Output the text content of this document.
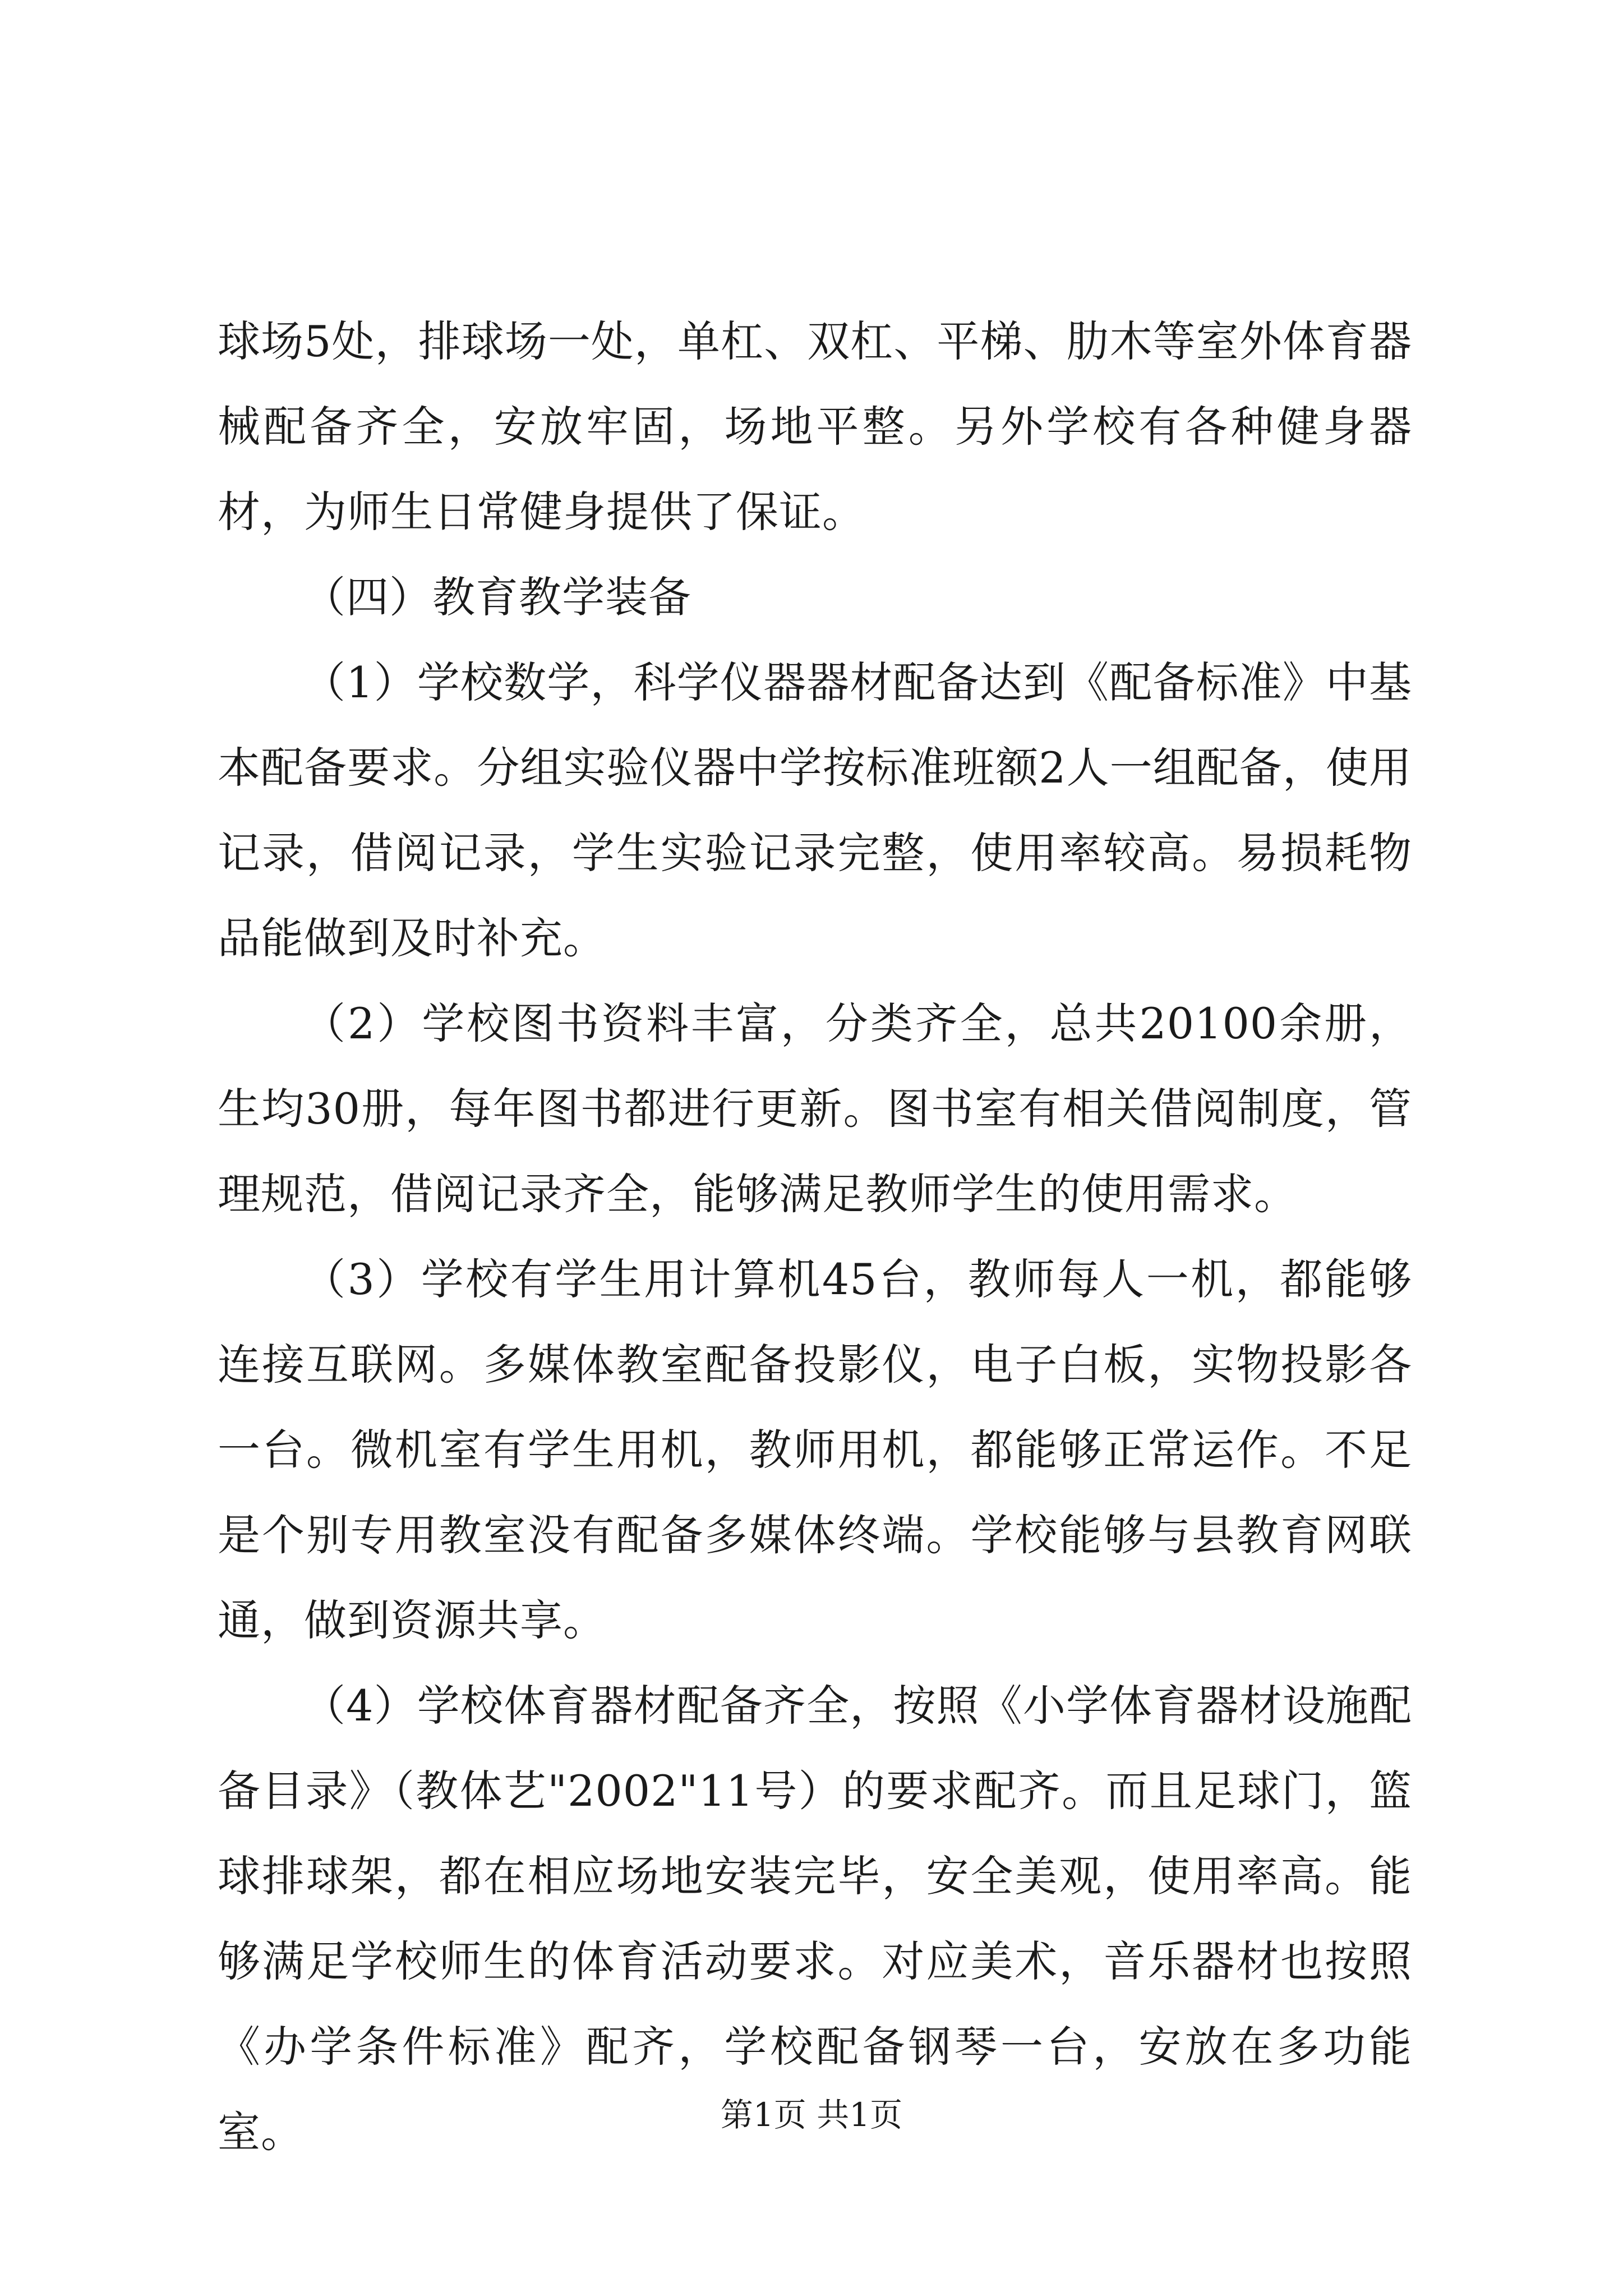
球场5处，排球场一处，单杠、双杠、平梯、肋木等室外体育器械配备齐全，安放牢固，场地平整。另外学校有各种健身器材，为师生日常健身提供了保证。

（四）教育教学装备

（1）学校数学，科学仪器器材配备达到《配备标准》中基本配备要求。分组实验仪器中学按标准班额2人一组配备，使用记录，借阅记录，学生实验记录完整，使用率较高。易损耗物品能做到及时补充。

（2）学校图书资料丰富，分类齐全，总共20100余册，生均30册，每年图书都进行更新。图书室有相关借阅制度，管理规范，借阅记录齐全，能够满足教师学生的使用需求。

（3）学校有学生用计算机45台，教师每人一机，都能够连接互联网。多媒体教室配备投影仪，电子白板，实物投影各一台。微机室有学生用机，教师用机，都能够正常运作。不足是个别专用教室没有配备多媒体终端。学校能够与县教育网联通，做到资源共享。

（4）学校体育器材配备齐全，按照《小学体育器材设施配备目录》（教体艺"2002"11号）的要求配齐。而且足球门，篮球排球架，都在相应场地安装完毕，安全美观，使用率高。能够满足学校师生的体育活动要求。对应美术，音乐器材也按照《办学条件标准》配齐，学校配备钢琴一台，安放在多功能室。	第1页 共1页
